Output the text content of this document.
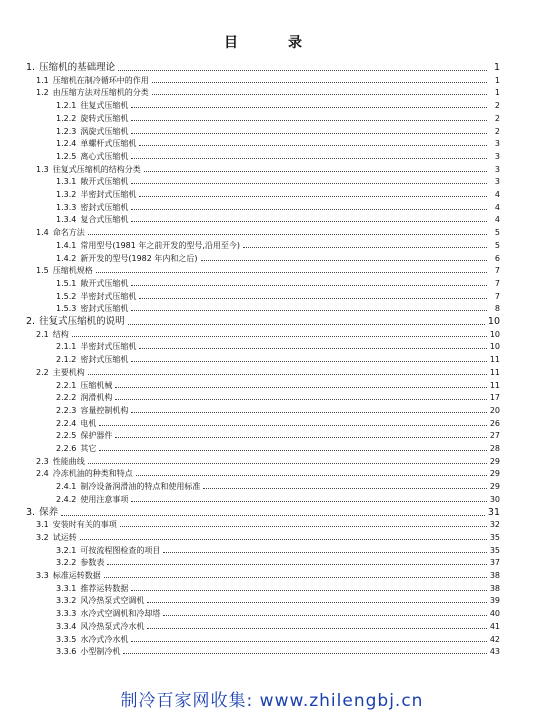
目　录
1. 压缩机的基础理论	1
1.1 压缩机在制冷循环中的作用	1
1.2 由压缩方法对压缩机的分类	1
1.2.1 往复式压缩机	2
1.2.2 旋转式压缩机	2
1.2.3 涡旋式压缩机	2
1.2.4 单螺杆式压缩机	3
1.2.5 离心式压缩机	3
1.3 往复式压缩机的结构分类	3
1.3.1 敞开式压缩机	3
1.3.2 半密封式压缩机	4
1.3.3 密封式压缩机	4
1.3.4 复合式压缩机	4
1.4 命名方法	5
1.4.1 常用型号(1981 年之前开发的型号,沿用至今)	5
1.4.2 新开发的型号(1982 年内和之后)	6
1.5 压缩机规格	7
1.5.1 敞开式压缩机	7
1.5.2 半密封式压缩机	7
1.5.3 密封式压缩机	8
2. 往复式压缩机的说明	10
2.1 结构	10
2.1.1 半密封式压缩机	10
2.1.2 密封式压缩机	11
2.2 主要机构	11
2.2.1 压缩机械	11
2.2.2 润滑机构	17
2.2.3 容量控制机构	20
2.2.4 电机	26
2.2.5 保护器件	27
2.2.6 其它	28
2.3 性能曲线	29
2.4 冷冻机油的种类和特点	29
2.4.1 制冷设备润滑油的特点和使用标准	29
2.4.2 使用注意事项	30
3. 保养	31
3.1 安装时有关的事项	32
3.2 试运转	35
3.2.1 可按流程图检查的项目	35
3.2.2 参数表	37
3.3 标准运转数据	38
3.3.1 推荐运转数据	38
3.3.2 风冷热泵式空调机	39
3.3.3 水冷式空调机和冷却塔	40
3.3.4 风冷热泵式冷水机	41
3.3.5 水冷式冷水机	42
3.3.6 小型制冷机	43
制冷百家网收集: www.zhilengbj.cn
